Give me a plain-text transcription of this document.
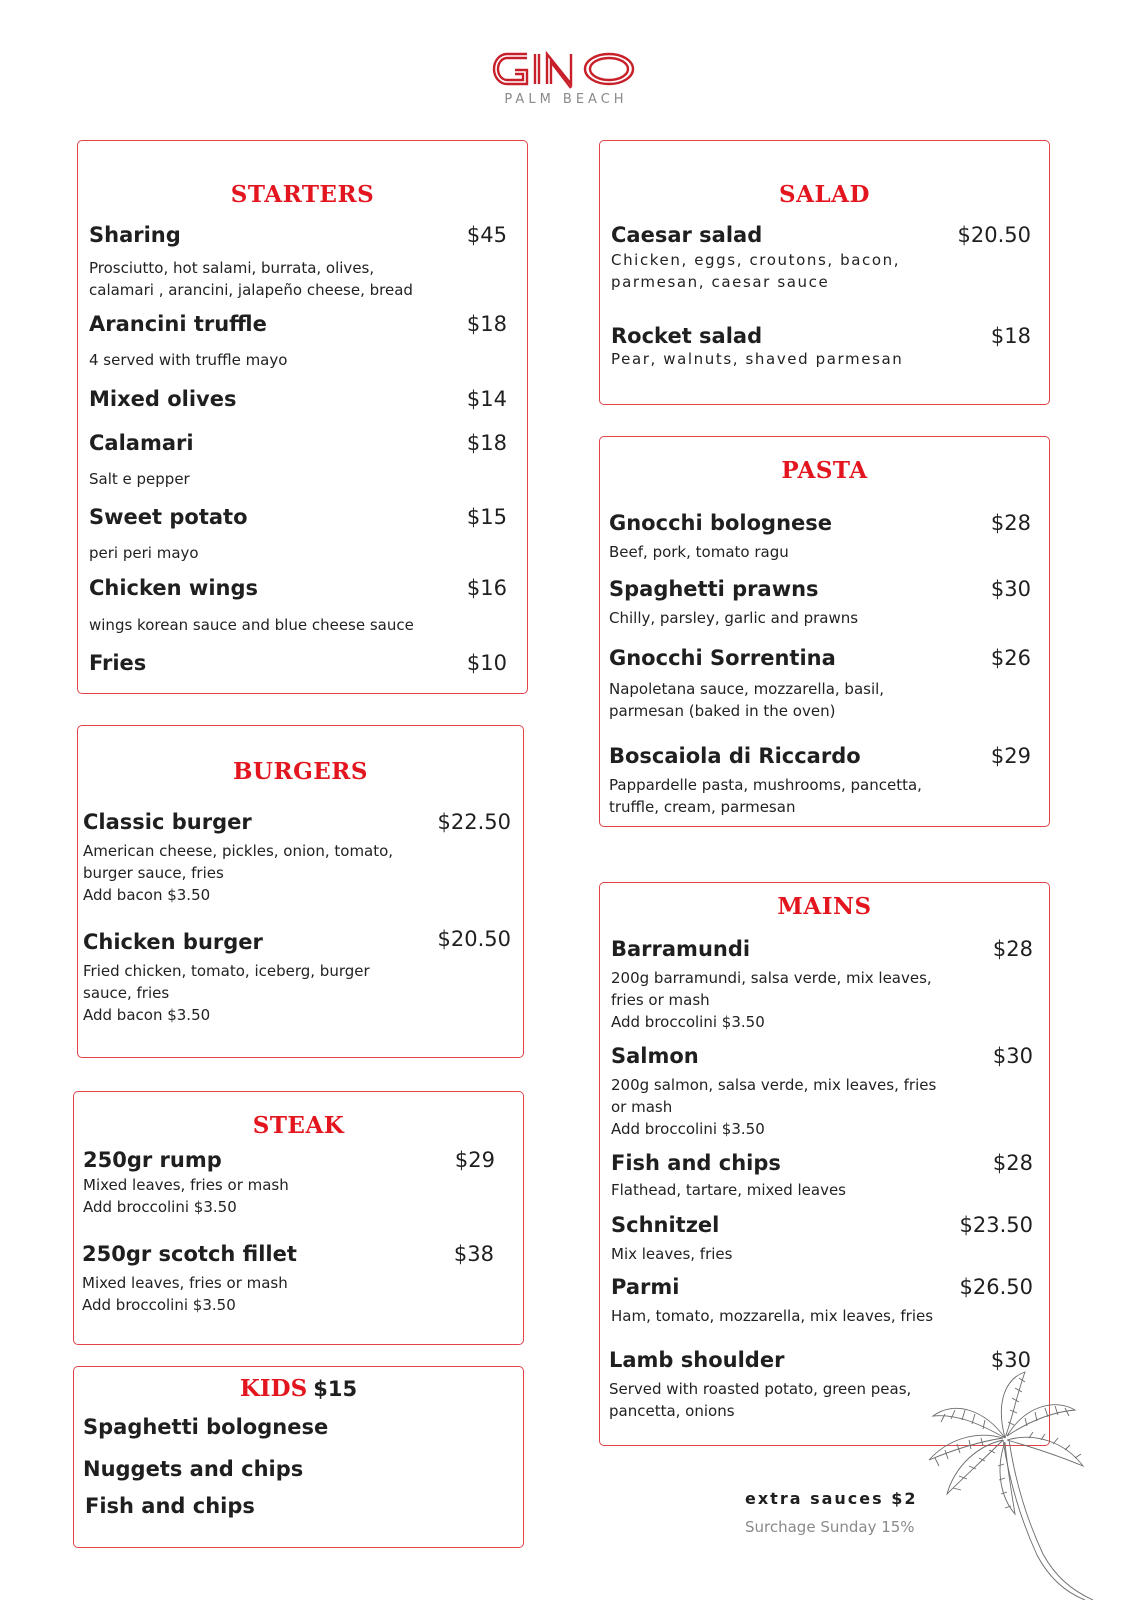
PALM BEACH
STARTERS
Sharing	$45
Prosciutto, hot salami, burrata, olives,
calamari , arancini, jalapeño cheese, bread
Arancini truffle	$18
4 served with truffle mayo
Mixed olives	$14
Calamari	$18
Salt e pepper
Sweet potato	$15
peri peri mayo
Chicken wings	$16
wings korean sauce and blue cheese sauce
Fries	$10
BURGERS
Classic burger	$22.50
American cheese, pickles, onion, tomato,
burger sauce, fries
Add bacon $3.50
Chicken burger	$20.50
Fried chicken, tomato, iceberg, burger
sauce, fries
Add bacon $3.50
STEAK
250gr rump	$29
Mixed leaves, fries or mash
Add broccolini $3.50
250gr scotch fillet	$38
Mixed leaves, fries or mash
Add broccolini $3.50
KIDS $15
Spaghetti bolognese
Nuggets and chips
Fish and chips
SALAD
Caesar salad	$20.50
Chicken, eggs, croutons, bacon,
parmesan, caesar sauce
Rocket salad	$18
Pear, walnuts, shaved parmesan
PASTA
Gnocchi bolognese	$28
Beef, pork, tomato ragu
Spaghetti prawns	$30
Chilly, parsley, garlic and prawns
Gnocchi Sorrentina	$26
Napoletana sauce, mozzarella, basil,
parmesan (baked in the oven)
Boscaiola di Riccardo	$29
Pappardelle pasta, mushrooms, pancetta,
truffle, cream, parmesan
MAINS
Barramundi	$28
200g barramundi, salsa verde, mix leaves,
fries or mash
Add broccolini $3.50
Salmon	$30
200g salmon, salsa verde, mix leaves, fries
or mash
Add broccolini $3.50
Fish and chips	$28
Flathead, tartare, mixed leaves
Schnitzel	$23.50
Mix leaves, fries
Parmi	$26.50
Ham, tomato, mozzarella, mix leaves, fries
Lamb shoulder	$30
Served with roasted potato, green peas,
pancetta, onions
extra sauces $2
Surchage Sunday 15%
